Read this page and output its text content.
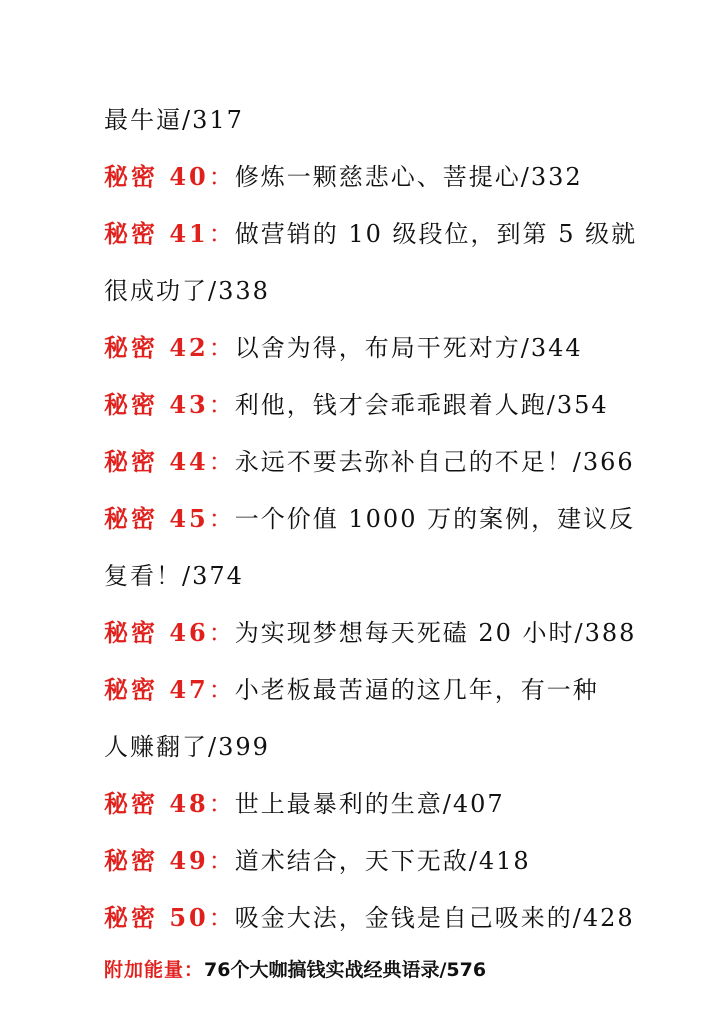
最牛逼/317
秘密 40：修炼一颗慈悲心、菩提心/332
秘密 41：做营销的 10 级段位，到第 5 级就
很成功了/338
秘密 42：以舍为得，布局干死对方/344
秘密 43：利他，钱才会乖乖跟着人跑/354
秘密 44：永远不要去弥补自己的不足！/366
秘密 45：一个价值 1000 万的案例，建议反
复看！/374
秘密 46：为实现梦想每天死磕 20 小时/388
秘密 47：小老板最苦逼的这几年，有一种
人赚翻了/399
秘密 48：世上最暴利的生意/407
秘密 49：道术结合，天下无敌/418
秘密 50：吸金大法，金钱是自己吸来的/428
附加能量：76个大咖搞钱实战经典语录/576
